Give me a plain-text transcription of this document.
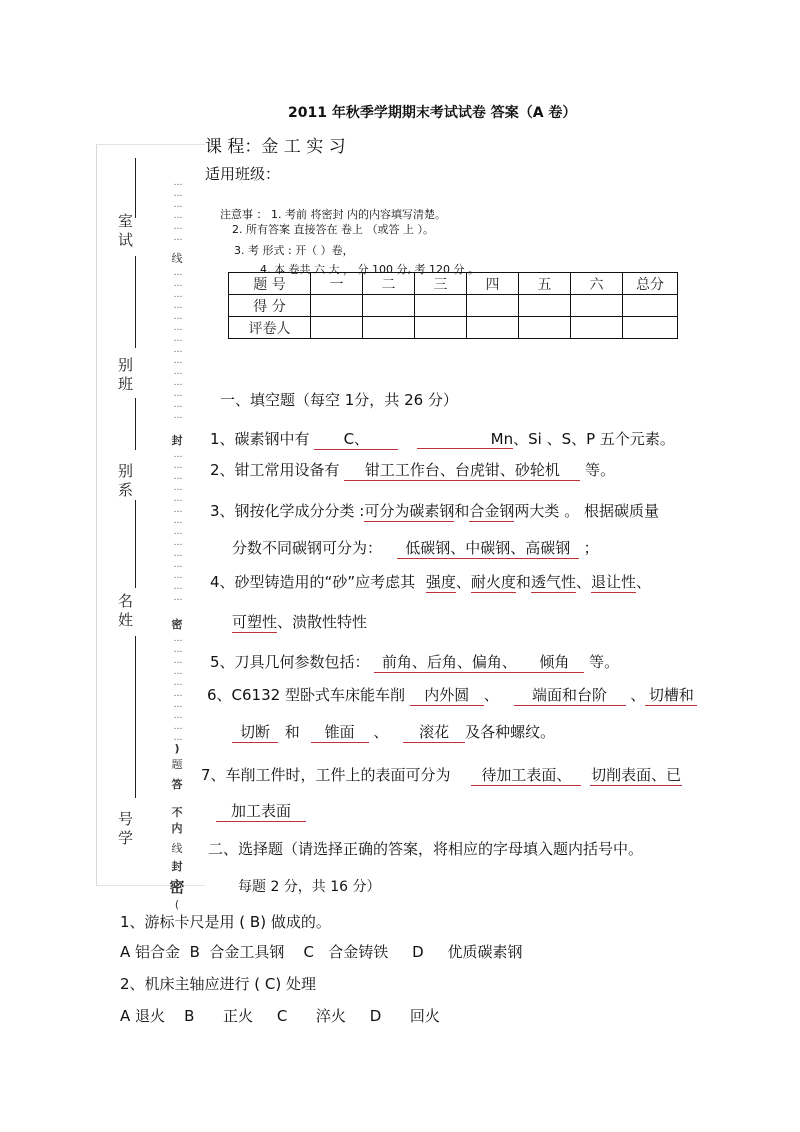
室
试
别
班
别
系
名
姓
号
学
…
…
…
…
…
…
线
…
…
…
…
…
…
…
…
…
…
…
…
…
…
封
…
…
…
…
…
…
…
…
…
…
…
…
…
…
密
…
…
…
…
…
…
…
…
…
…
)
题
答
不
内
线
封
密
(
2011 年秋季学期期末考试试卷 答案（A 卷）
课 程：金 工 实 习
适用班级：
注意事 ： 1. 考前 将密封 内的内容填写清楚。
2. 所有答案 直接答在 卷上 （或答 上 ）。
3. 考 形式 : 开（ ）卷，
4. 本 卷共 六 大 ， 分 100 分, 考 120 分 。
题 号	一	二	三	四	五	六	总分
得 分							
评卷人							
一、填空题（每空 1分，共 26 分）
1、碳素钢中有 C、	Mn、Si 、S、P 五个元素。
2、钳工常用设备有 钳工工作台、台虎钳、砂轮机 等。
3、钢按化学成分分类 :可分为碳素钢和合金钢两大类 。 根据碳质量
分数不同碳钢可分为： 低碳钢、中碳钢、高碳钢 ；
4、砂型铸造用的“砂”应考虑其 强度、耐火度和透气性、退让性、
可塑性、溃散性特性
5、刀具几何参数包括： 前角、后角、偏角、 倾角 等。
6、C6132 型卧式车床能车削 内外圆 、 端面和台阶 、 切槽和
切断 和 锥面 、 滚花 及各种螺纹。
7、车削工件时，工件上的表面可分为 待加工表面、 切削表面、已
加工表面
二、选择题（请选择正确的答案，将相应的字母填入题内括号中。
每题 2 分，共 16 分）
1、游标卡尺是用 ( B) 做成的。
A 铝合金  B  合金工具钢    C   合金铸铁     D     优质碳素钢
2、机床主轴应进行 ( C) 处理
A 退火    B      正火     C      淬火     D      回火
